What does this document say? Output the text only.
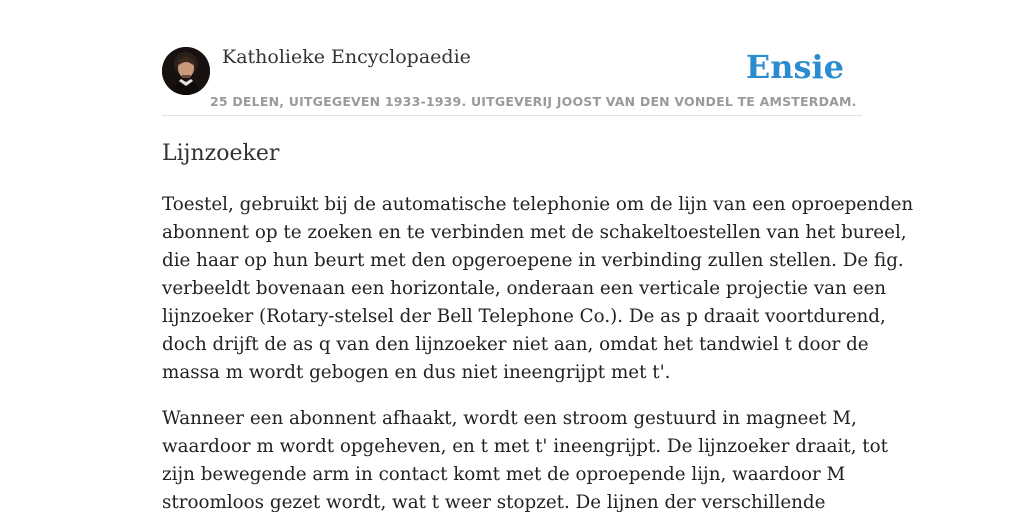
Katholieke Encyclopaedie	Ensie
25 DELEN, UITGEGEVEN 1933-1939. UITGEVERIJ JOOST VAN DEN VONDEL TE AMSTERDAM.
Lijnzoeker

Toestel, gebruikt bij de automatische telephonie om de lijn van een oproependen
abonnent op te zoeken en te verbinden met de schakeltoestellen van het bureel,
die haar op hun beurt met den opgeroepene in verbinding zullen stellen. De fig.
verbeeldt bovenaan een horizontale, onderaan een verticale projectie van een
lijnzoeker (Rotary-stelsel der Bell Telephone Co.). De as p draait voortdurend,
doch drijft de as q van den lijnzoeker niet aan, omdat het tandwiel t door de
massa m wordt gebogen en dus niet ineengrijpt met t'.

Wanneer een abonnent afhaakt, wordt een stroom gestuurd in magneet M,
waardoor m wordt opgeheven, en t met t' ineengrijpt. De lijnzoeker draait, tot
zijn bewegende arm in contact komt met de oproepende lijn, waardoor M
stroomloos gezet wordt, wat t weer stopzet. De lijnen der verschillende
